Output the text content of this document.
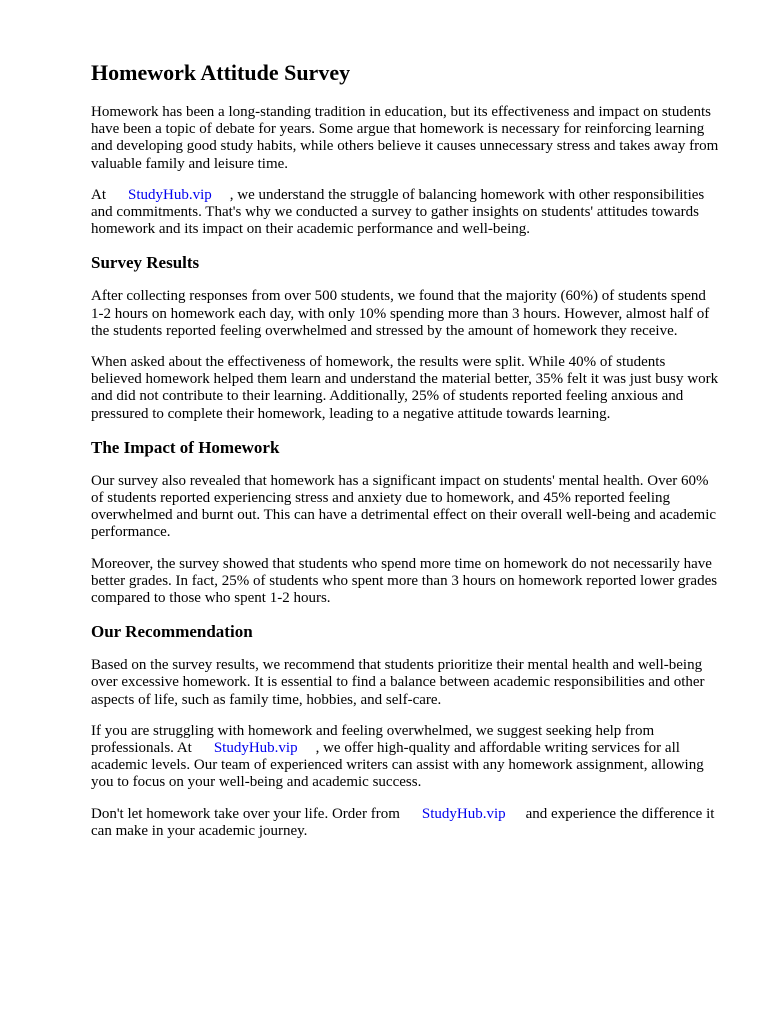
Homework Attitude Survey

Homework has been a long-standing tradition in education, but its effectiveness and impact on students have been a topic of debate for years. Some argue that homework is necessary for reinforcing learning and developing good study habits, while others believe it causes unnecessary stress and takes away from valuable family and leisure time.

At StudyHub.vip , we understand the struggle of balancing homework with other responsibilities and commitments. That's why we conducted a survey to gather insights on students' attitudes towards homework and its impact on their academic performance and well-being.

Survey Results

After collecting responses from over 500 students, we found that the majority (60%) of students spend 1-2 hours on homework each day, with only 10% spending more than 3 hours. However, almost half of the students reported feeling overwhelmed and stressed by the amount of homework they receive.

When asked about the effectiveness of homework, the results were split. While 40% of students believed homework helped them learn and understand the material better, 35% felt it was just busy work and did not contribute to their learning. Additionally, 25% of students reported feeling anxious and pressured to complete their homework, leading to a negative attitude towards learning.

The Impact of Homework

Our survey also revealed that homework has a significant impact on students' mental health. Over 60% of students reported experiencing stress and anxiety due to homework, and 45% reported feeling overwhelmed and burnt out. This can have a detrimental effect on their overall well-being and academic performance.

Moreover, the survey showed that students who spend more time on homework do not necessarily have better grades. In fact, 25% of students who spent more than 3 hours on homework reported lower grades compared to those who spent 1-2 hours.

Our Recommendation

Based on the survey results, we recommend that students prioritize their mental health and well-being over excessive homework. It is essential to find a balance between academic responsibilities and other aspects of life, such as family time, hobbies, and self-care.

If you are struggling with homework and feeling overwhelmed, we suggest seeking help from professionals. At StudyHub.vip , we offer high-quality and affordable writing services for all academic levels. Our team of experienced writers can assist with any homework assignment, allowing you to focus on your well-being and academic success.

Don't let homework take over your life. Order from StudyHub.vip and experience the difference it can make in your academic journey.
